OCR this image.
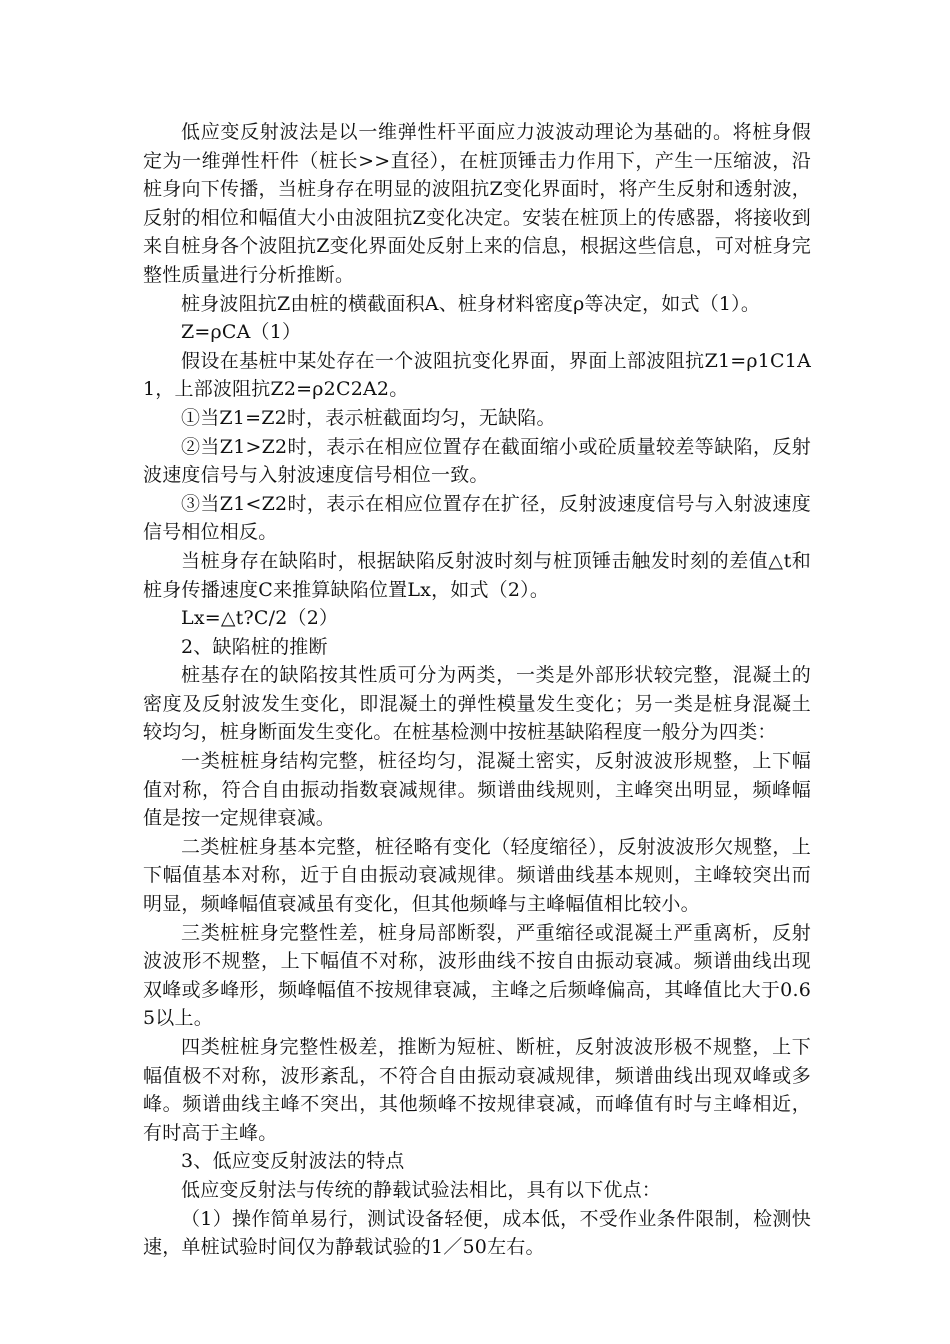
低应变反射波法是以一维弹性杆平面应力波波动理论为基础的。将桩身假定为一维弹性杆件（桩长>>直径），在桩顶锤击力作用下，产生一压缩波，沿桩身向下传播，当桩身存在明显的波阻抗Z变化界面时，将产生反射和透射波，反射的相位和幅值大小由波阻抗Z变化决定。安装在桩顶上的传感器，将接收到来自桩身各个波阻抗Z变化界面处反射上来的信息，根据这些信息，可对桩身完整性质量进行分析推断。

桩身波阻抗Z由桩的横截面积A、桩身材料密度ρ等决定，如式（1）。

Z=ρCA（1）

假设在基桩中某处存在一个波阻抗变化界面，界面上部波阻抗Z1=ρ1C1A1，上部波阻抗Z2=ρ2C2A2。

①当Z1=Z2时，表示桩截面均匀，无缺陷。

②当Z1>Z2时，表示在相应位置存在截面缩小或砼质量较差等缺陷，反射波速度信号与入射波速度信号相位一致。

③当Z1<Z2时，表示在相应位置存在扩径，反射波速度信号与入射波速度信号相位相反。

当桩身存在缺陷时，根据缺陷反射波时刻与桩顶锤击触发时刻的差值△t和桩身传播速度C来推算缺陷位置Lx，如式（2）。

Lx=△t?C/2（2）

2、缺陷桩的推断

桩基存在的缺陷按其性质可分为两类，一类是外部形状较完整，混凝土的密度及反射波发生变化，即混凝土的弹性模量发生变化；另一类是桩身混凝土较均匀，桩身断面发生变化。在桩基检测中按桩基缺陷程度一般分为四类：

一类桩桩身结构完整，桩径均匀，混凝土密实，反射波波形规整，上下幅值对称，符合自由振动指数衰减规律。频谱曲线规则，主峰突出明显，频峰幅值是按一定规律衰减。

二类桩桩身基本完整，桩径略有变化（轻度缩径），反射波波形欠规整，上下幅值基本对称，近于自由振动衰减规律。频谱曲线基本规则，主峰较突出而明显，频峰幅值衰减虽有变化，但其他频峰与主峰幅值相比较小。

三类桩桩身完整性差，桩身局部断裂，严重缩径或混凝土严重离析，反射波波形不规整，上下幅值不对称，波形曲线不按自由振动衰减。频谱曲线出现双峰或多峰形，频峰幅值不按规律衰减，主峰之后频峰偏高，其峰值比大于0.65以上。

四类桩桩身完整性极差，推断为短桩、断桩，反射波波形极不规整，上下幅值极不对称，波形紊乱，不符合自由振动衰减规律，频谱曲线出现双峰或多峰。频谱曲线主峰不突出，其他频峰不按规律衰减，而峰值有时与主峰相近，有时高于主峰。

3、低应变反射波法的特点

低应变反射法与传统的静载试验法相比，具有以下优点：

（1）操作简单易行，测试设备轻便，成本低，不受作业条件限制，检测快速，单桩试验时间仅为静载试验的1／50左右。
